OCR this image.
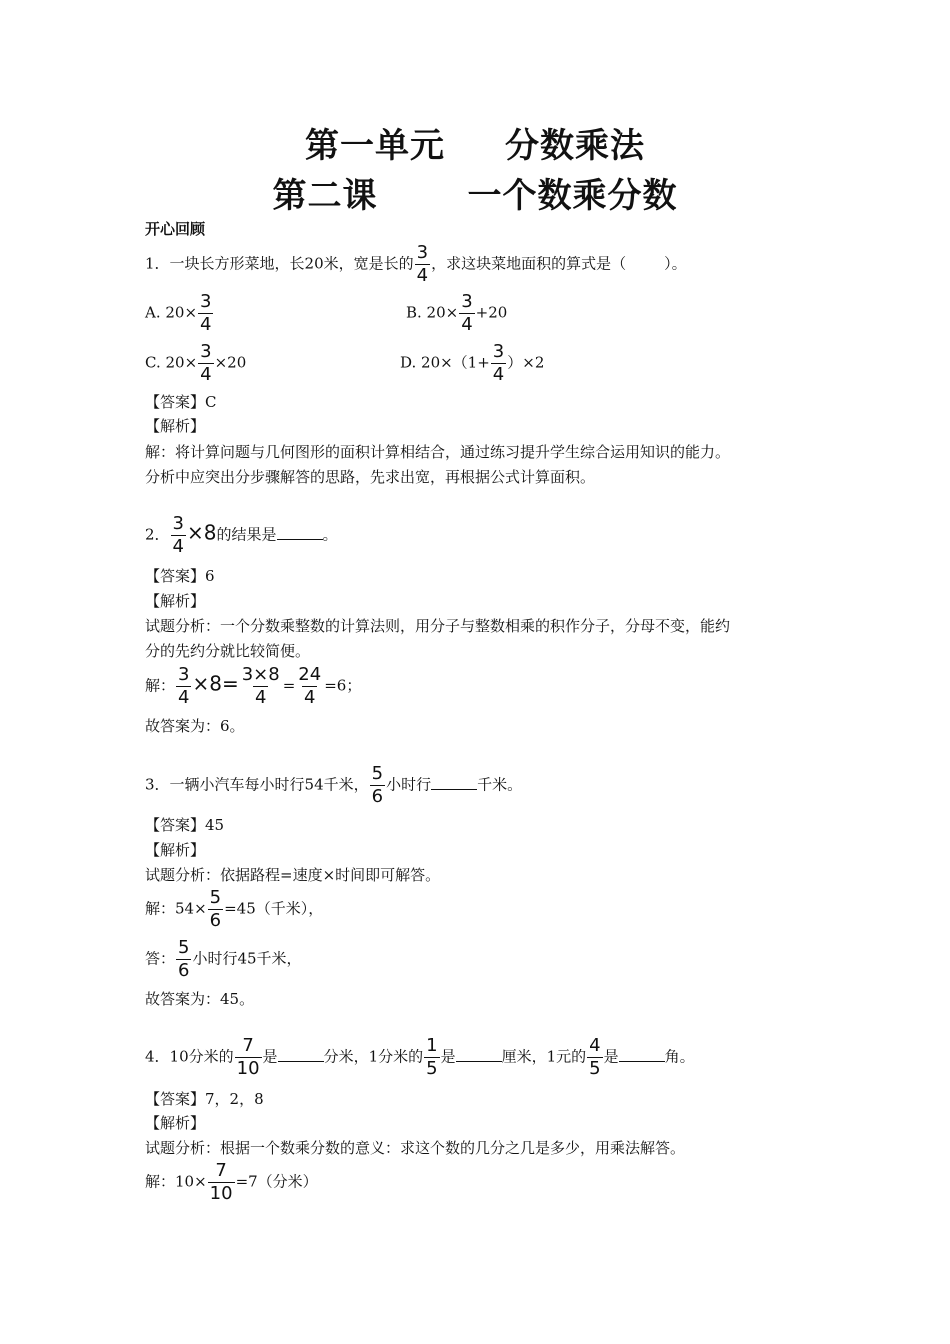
第一单元 分数乘法
第二课	一个数乘分数
开心回顾
1．一块长方形菜地，长20米，宽是长的 $\frac{3}{4}$ ，求这块菜地面积的算式是（	）。
A. $20\times \frac{3}{4}$	B. $20\times \frac{3}{4} +20$
C. $20\times \frac{3}{4} \times 20$	D. $20\times(1+ \frac{3}{4} )\times 2$
【答案】C
【解析】
解：将计算问题与几何图形的面积计算相结合，通过练习提升学生综合运用知识的能力。
分析中应突出分步骤解答的思路，先求出宽，再根据公式计算面积。
2． $\frac{3}{4} \times 8$的结果是	。
【答案】6
【解析】
试题分析：一个分数乘整数的计算法则，用分子与整数相乘的积作分子，分母不变，能约
分的先约分就比较简便。
解： $\frac{3}{4} \times 8= \frac{3\times 8}{4} = \frac{24}{4} =6$；
故答案为：6。
3．一辆小汽车每小时行54千米， $\frac{5}{6}$ 小时行	千米。
【答案】45
【解析】
试题分析：依据路程=速度×时间即可解答。
解：$54\times \frac{5}{6} =45$（千米），
答： $\frac{5}{6}$ 小时行45千米，
故答案为：45。
4．10分米的 $\frac{7}{10}$ 是	分米，1分米的 $\frac{1}{5}$ 是	厘米，1元的 $\frac{4}{5}$ 是	角。
【答案】7，2，8
【解析】
试题分析：根据一个数乘分数的意义：求这个数的几分之几是多少，用乘法解答。
解：$10\times \frac{7}{10} =7$（分米）
